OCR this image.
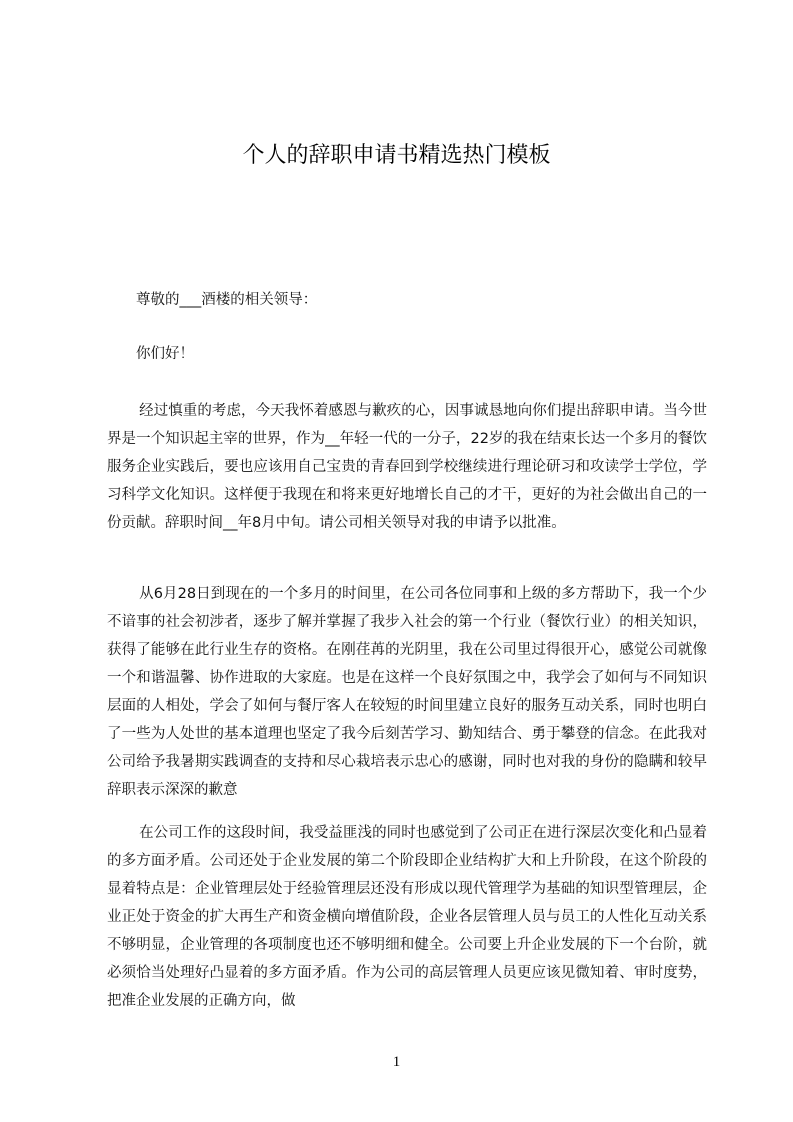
个人的辞职申请书精选热门模板
尊敬的___酒楼的相关领导：
你们好！
经过慎重的考虑，今天我怀着感恩与歉疚的心，因事诚恳地向你们提出辞职申请。当今世界是一个知识起主宰的世界，作为__年轻一代的一分子，22岁的我在结束长达一个多月的餐饮服务企业实践后，要也应该用自己宝贵的青春回到学校继续进行理论研习和攻读学士学位，学习科学文化知识。这样便于我现在和将来更好地增长自己的才干，更好的为社会做出自己的一份贡献。辞职时间__年8月中旬。请公司相关领导对我的申请予以批准。
从6月28日到现在的一个多月的时间里，在公司各位同事和上级的多方帮助下，我一个少不谙事的社会初涉者，逐步了解并掌握了我步入社会的第一个行业（餐饮行业）的相关知识，获得了能够在此行业生存的资格。在刚荏苒的光阴里，我在公司里过得很开心，感觉公司就像一个和谐温馨、协作进取的大家庭。也是在这样一个良好氛围之中，我学会了如何与不同知识层面的人相处，学会了如何与餐厅客人在较短的时间里建立良好的服务互动关系，同时也明白了一些为人处世的基本道理也坚定了我今后刻苦学习、勤知结合、勇于攀登的信念。在此我对公司给予我暑期实践调查的支持和尽心栽培表示忠心的感谢，同时也对我的身份的隐瞒和较早辞职表示深深的歉意
在公司工作的这段时间，我受益匪浅的同时也感觉到了公司正在进行深层次变化和凸显着的多方面矛盾。公司还处于企业发展的第二个阶段即企业结构扩大和上升阶段，在这个阶段的显着特点是：企业管理层处于经验管理层还没有形成以现代管理学为基础的知识型管理层，企业正处于资金的扩大再生产和资金横向增值阶段，企业各层管理人员与员工的人性化互动关系不够明显，企业管理的各项制度也还不够明细和健全。公司要上升企业发展的下一个台阶，就必须恰当处理好凸显着的多方面矛盾。作为公司的高层管理人员更应该见微知着、审时度势，把准企业发展的正确方向，做
1
